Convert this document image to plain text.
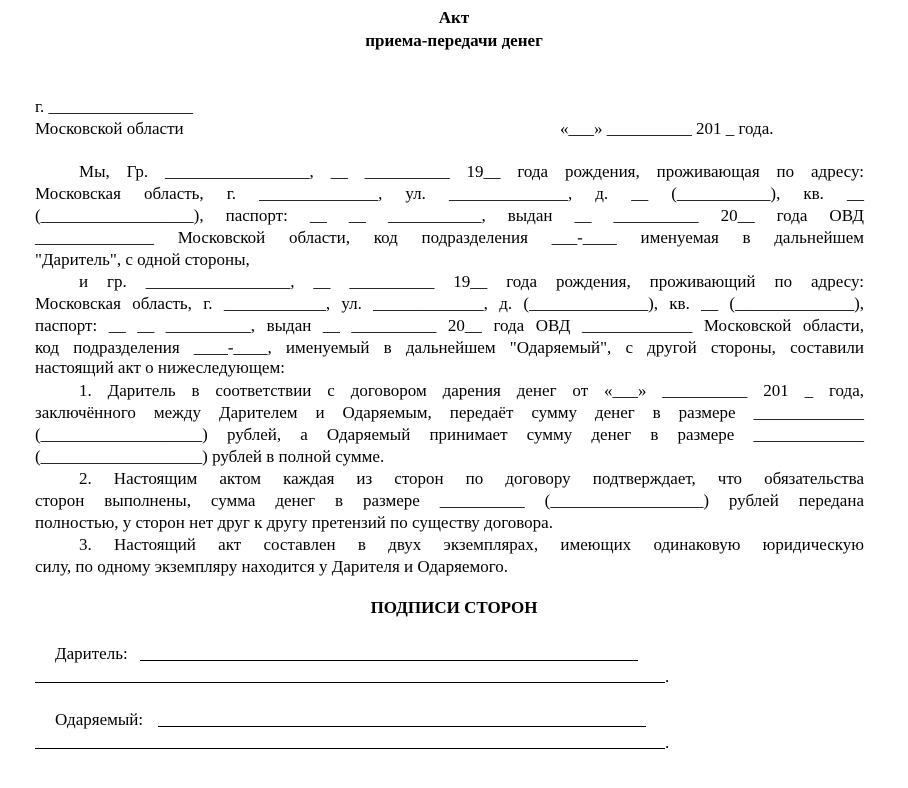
Акт
приема-передачи денег
г. _________________
Московской области	«___» __________ 201 _ года.
Мы, Гр. _________________, __ __________ 19__ года рождения, проживающая по адресу:
Московская область, г. ______________, ул. ______________, д. __ (___________), кв. __
(__________________), паспорт: __ __ ___________, выдан __ __________ 20__ года ОВД
______________ Московской области, код подразделения ___-____ именуемая в дальнейшем
"Даритель", с одной стороны,
и гр. _________________, __ __________ 19__ года рождения, проживающий по адресу:
Московская область, г. ____________, ул. _____________, д. (______________), кв. __ (______________),
паспорт: __ __ __________, выдан __ __________ 20__ года ОВД _____________ Московской области,
код подразделения ____-____, именуемый в дальнейшем "Одаряемый", с другой стороны, составили
настоящий акт о нижеследующем:
1. Даритель в соответствии с договором дарения денег от «___» __________ 201 _ года,
заключённого между Дарителем и Одаряемым, передаёт сумму денег в размере _____________
(___________________) рублей, а Одаряемый принимает сумму денег в размере _____________
(___________________) рублей в полной сумме.
2. Настоящим актом каждая из сторон по договору подтверждает, что обязательства
сторон выполнены, сумма денег в размере __________ (__________________) рублей передана
полностью, у сторон нет друг к другу претензий по существу договора.
3. Настоящий акт составлен в двух экземплярах, имеющих одинаковую юридическую
силу, по одному экземпляру находится у Дарителя и Одаряемого.
ПОДПИСИ СТОРОН
Даритель:
.
Одаряемый:
.
